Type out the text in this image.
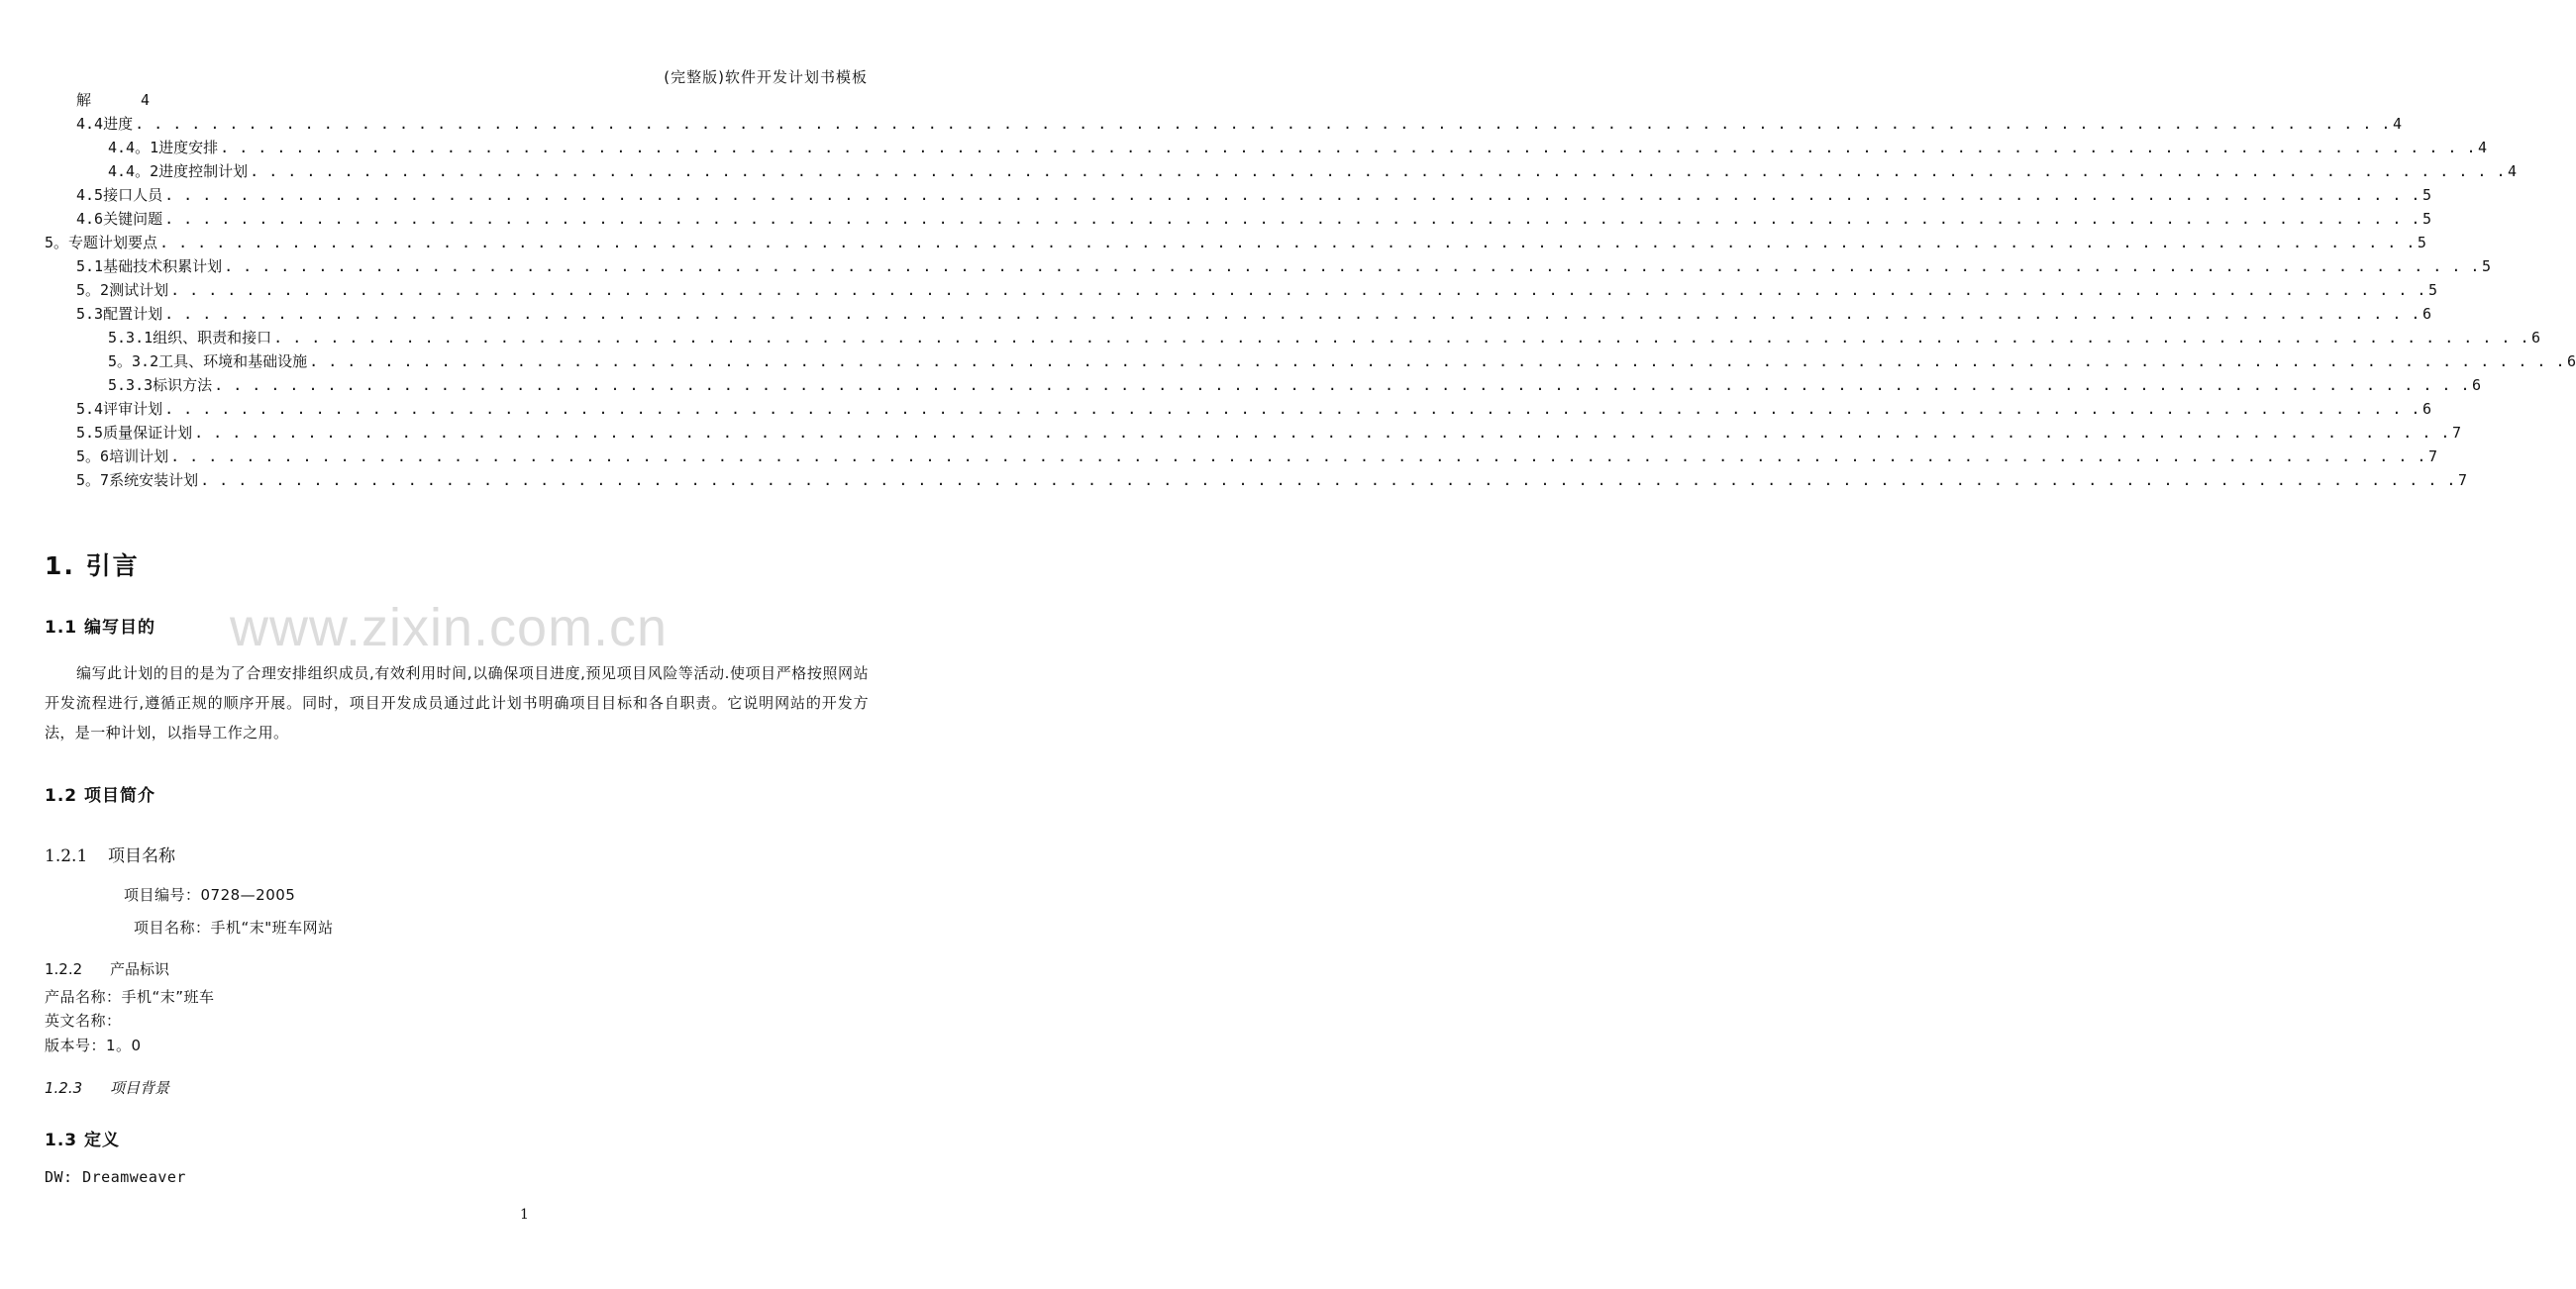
(完整版)软件开发计划书模板
解	4
4.4 进度 . . . . . . . . . . . . . . . . . . . . . . . . . . . . . . . . . . . . . . . . . . . . . . . . . . . . . . . . . . . . . . . . . . . . . . . . . . . . . . . . . . . . . . . . . . . . . . . . . . . . . . . . . . . . . . . . . . . . . . . . 4
4.4。1 进度安排 . . . . . . . . . . . . . . . . . . . . . . . . . . . . . . . . . . . . . . . . . . . . . . . . . . . . . . . . . . . . . . . . . . . . . . . . . . . . . . . . . . . . . . . . . . . . . . . . . . . . . . . . . . . . . . . . . . . . . . . . 4
4.4。2 进度控制计划 . . . . . . . . . . . . . . . . . . . . . . . . . . . . . . . . . . . . . . . . . . . . . . . . . . . . . . . . . . . . . . . . . . . . . . . . . . . . . . . . . . . . . . . . . . . . . . . . . . . . . . . . . . . . . . . . . . . . . . . . 4
4.5 接口人员 . . . . . . . . . . . . . . . . . . . . . . . . . . . . . . . . . . . . . . . . . . . . . . . . . . . . . . . . . . . . . . . . . . . . . . . . . . . . . . . . . . . . . . . . . . . . . . . . . . . . . . . . . . . . . . . . . . . . . . . . 5
4.6 关键问题 . . . . . . . . . . . . . . . . . . . . . . . . . . . . . . . . . . . . . . . . . . . . . . . . . . . . . . . . . . . . . . . . . . . . . . . . . . . . . . . . . . . . . . . . . . . . . . . . . . . . . . . . . . . . . . . . . . . . . . . . 5
5。 专题计划要点 . . . . . . . . . . . . . . . . . . . . . . . . . . . . . . . . . . . . . . . . . . . . . . . . . . . . . . . . . . . . . . . . . . . . . . . . . . . . . . . . . . . . . . . . . . . . . . . . . . . . . . . . . . . . . . . . . . . . . . . . 5
5.1 基础技术积累计划 . . . . . . . . . . . . . . . . . . . . . . . . . . . . . . . . . . . . . . . . . . . . . . . . . . . . . . . . . . . . . . . . . . . . . . . . . . . . . . . . . . . . . . . . . . . . . . . . . . . . . . . . . . . . . . . . . . . . . . . . 5
5。2 测试计划 . . . . . . . . . . . . . . . . . . . . . . . . . . . . . . . . . . . . . . . . . . . . . . . . . . . . . . . . . . . . . . . . . . . . . . . . . . . . . . . . . . . . . . . . . . . . . . . . . . . . . . . . . . . . . . . . . . . . . . . . 5
5.3 配置计划 . . . . . . . . . . . . . . . . . . . . . . . . . . . . . . . . . . . . . . . . . . . . . . . . . . . . . . . . . . . . . . . . . . . . . . . . . . . . . . . . . . . . . . . . . . . . . . . . . . . . . . . . . . . . . . . . . . . . . . . . 6
5.3.1 组织、职责和接口 . . . . . . . . . . . . . . . . . . . . . . . . . . . . . . . . . . . . . . . . . . . . . . . . . . . . . . . . . . . . . . . . . . . . . . . . . . . . . . . . . . . . . . . . . . . . . . . . . . . . . . . . . . . . . . . . . . . . . . . . 6
5。3.2 工具、环境和基础设施 . . . . . . . . . . . . . . . . . . . . . . . . . . . . . . . . . . . . . . . . . . . . . . . . . . . . . . . . . . . . . . . . . . . . . . . . . . . . . . . . . . . . . . . . . . . . . . . . . . . . . . . . . . . . . . . . . . . . . . . . 6
5.3.3 标识方法 . . . . . . . . . . . . . . . . . . . . . . . . . . . . . . . . . . . . . . . . . . . . . . . . . . . . . . . . . . . . . . . . . . . . . . . . . . . . . . . . . . . . . . . . . . . . . . . . . . . . . . . . . . . . . . . . . . . . . . . . 6
5.4 评审计划 . . . . . . . . . . . . . . . . . . . . . . . . . . . . . . . . . . . . . . . . . . . . . . . . . . . . . . . . . . . . . . . . . . . . . . . . . . . . . . . . . . . . . . . . . . . . . . . . . . . . . . . . . . . . . . . . . . . . . . . . 6
5.5 质量保证计划 . . . . . . . . . . . . . . . . . . . . . . . . . . . . . . . . . . . . . . . . . . . . . . . . . . . . . . . . . . . . . . . . . . . . . . . . . . . . . . . . . . . . . . . . . . . . . . . . . . . . . . . . . . . . . . . . . . . . . . . . 7
5。6 培训计划 . . . . . . . . . . . . . . . . . . . . . . . . . . . . . . . . . . . . . . . . . . . . . . . . . . . . . . . . . . . . . . . . . . . . . . . . . . . . . . . . . . . . . . . . . . . . . . . . . . . . . . . . . . . . . . . . . . . . . . . . 7
5。7 系统安装计划 . . . . . . . . . . . . . . . . . . . . . . . . . . . . . . . . . . . . . . . . . . . . . . . . . . . . . . . . . . . . . . . . . . . . . . . . . . . . . . . . . . . . . . . . . . . . . . . . . . . . . . . . . . . . . . . . . . . . . . . . 7
1. 引言
www.zixin.com.cn
1.1 编写目的
编写此计划的目的是为了合理安排组织成员,有效利用时间,以确保项目进度,预见项目风险等活动.使项目严格按照网站开发流程进行,遵循正规的顺序开展。同时，项目开发成员通过此计划书明确项目目标和各自职责。它说明网站的开发方法，是一种计划，以指导工作之用。
1.2 项目简介
1.2.1 项目名称
项目编号：0728—2005
项目名称：手机“末"班车网站
1.2.2 产品标识
产品名称：手机“末”班车
英文名称：
版本号：1。0
1.2.3 项目背景
1.3 定义
DW: Dreamweaver
1
